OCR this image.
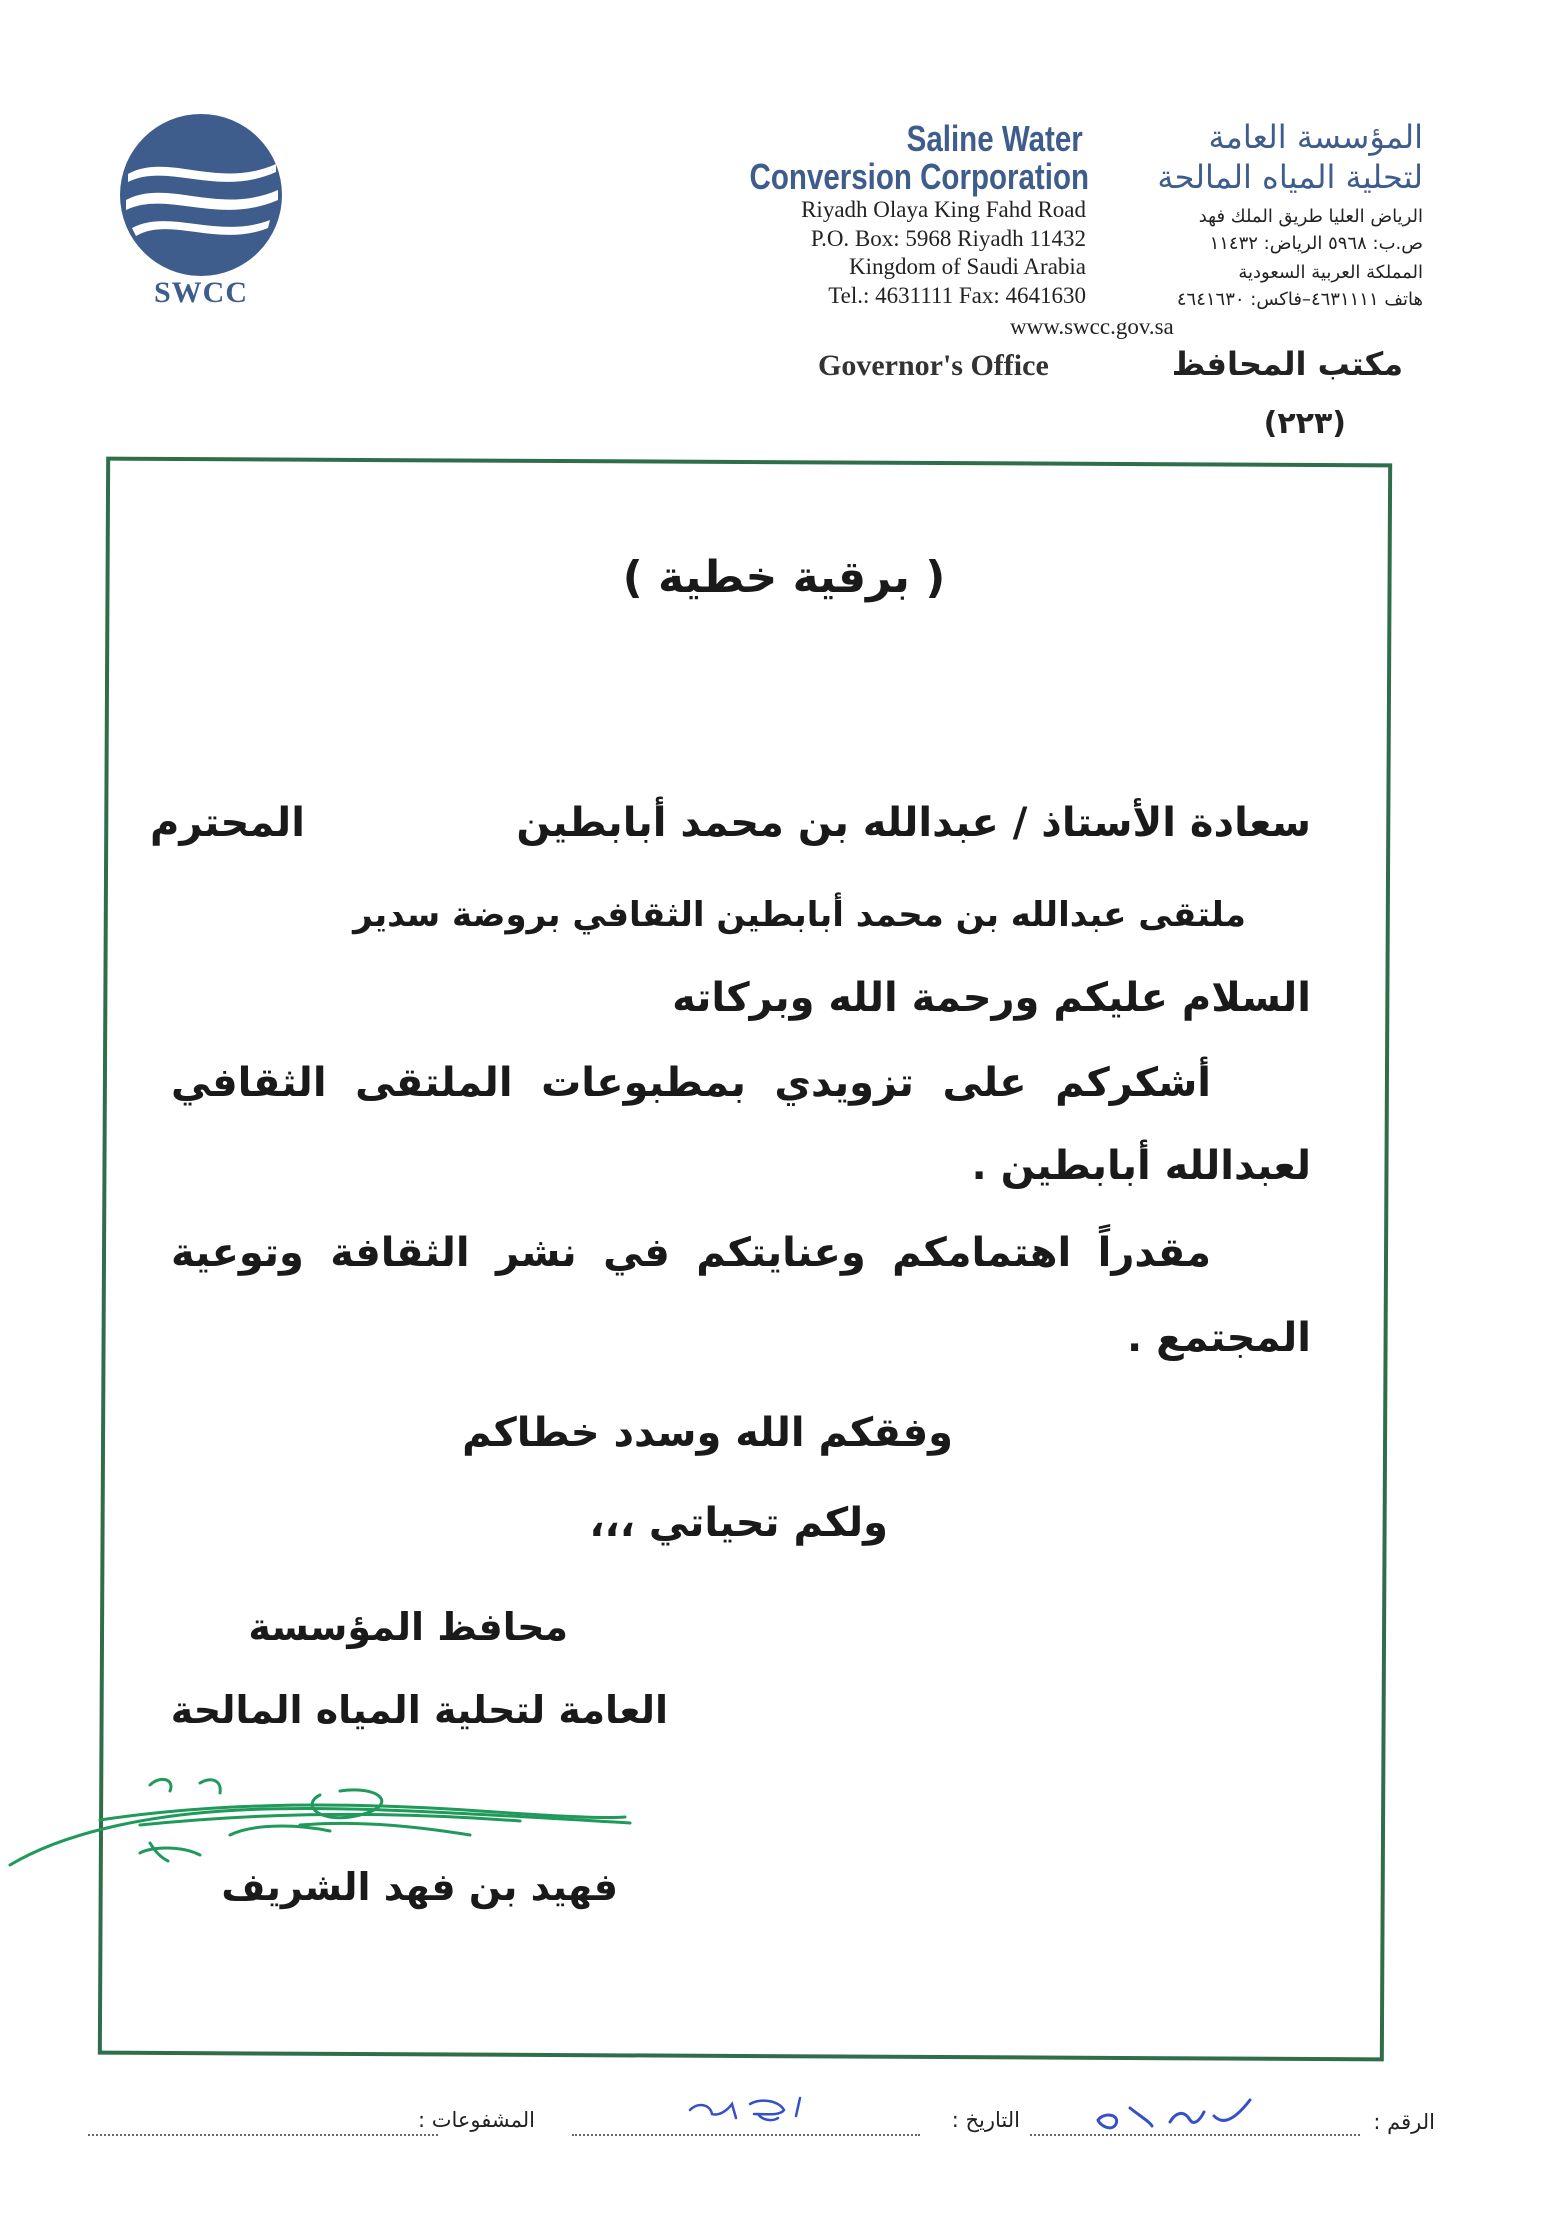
SWCC
Saline Water
Conversion Corporation
Riyadh Olaya King Fahd Road
P.O. Box: 5968 Riyadh 11432
Kingdom of Saudi Arabia
Tel.: 4631111 Fax: 4641630
www.swcc.gov.sa
المؤسسة العامة
لتحلية المياه المالحة
الرياض العليا طريق الملك فهد
ص.ب: ٥٩٦٨ الرياض: ١١٤٣٢
المملكة العربية السعودية
هاتف ٤٦٣١١١١–فاكس: ٤٦٤١٦٣٠
Governor's Office	مكتب المحافظ
(٢٢٣)
( برقية خطية )
سعادة الأستاذ / عبدالله بن محمد أبابطين
المحترم
ملتقى عبدالله بن محمد أبابطين الثقافي بروضة سدير
السلام عليكم ورحمة الله وبركاته
أشكركم على تزويدي بمطبوعات الملتقى الثقافي
لعبدالله أبابطين .
مقدراً اهتمامكم وعنايتكم في نشر الثقافة وتوعية
المجتمع .
وفقكم الله وسدد خطاكم
ولكم تحياتي ،،،
محافظ المؤسسة
العامة لتحلية المياه المالحة
فهيد بن فهد الشريف
الرقم :
التاريخ :
المشفوعات :
